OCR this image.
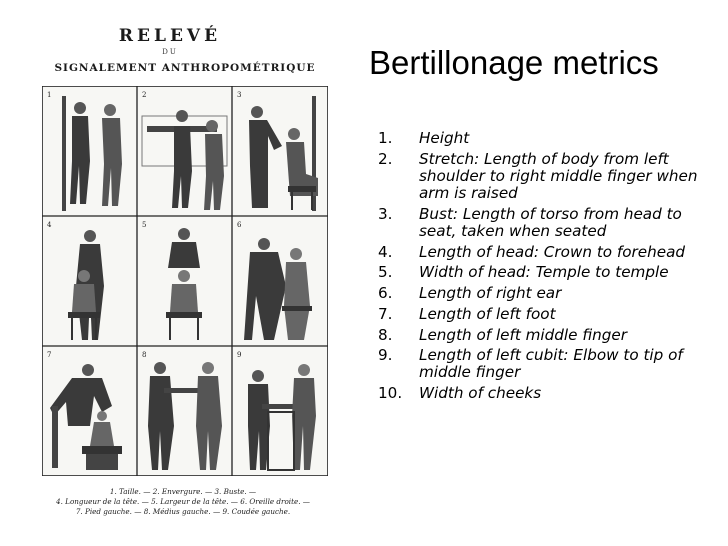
RELEVÉ
DU
SIGNALEMENT ANTHROPOMÉTRIQUE
1	2	3
4	5	6
7	8	9
1. Taille. — 2. Envergure. — 3. Buste. —
4. Longueur de la tête. — 5. Largeur de la tête. — 6. Oreille droite. —
7. Pied gauche. — 8. Médius gauche. — 9. Coudée gauche.
Bertillonage metrics
1.	Height
2.	Stretch: Length of body from left shoulder to right middle finger when arm is raised
3.	Bust: Length of torso from head to seat, taken when seated
4.	Length of head: Crown to forehead
5.	Width of head: Temple to temple
6.	Length of right ear
7.	Length of left foot
8.	Length of left middle finger
9.	Length of left cubit: Elbow to tip of middle finger
10.	Width of cheeks
